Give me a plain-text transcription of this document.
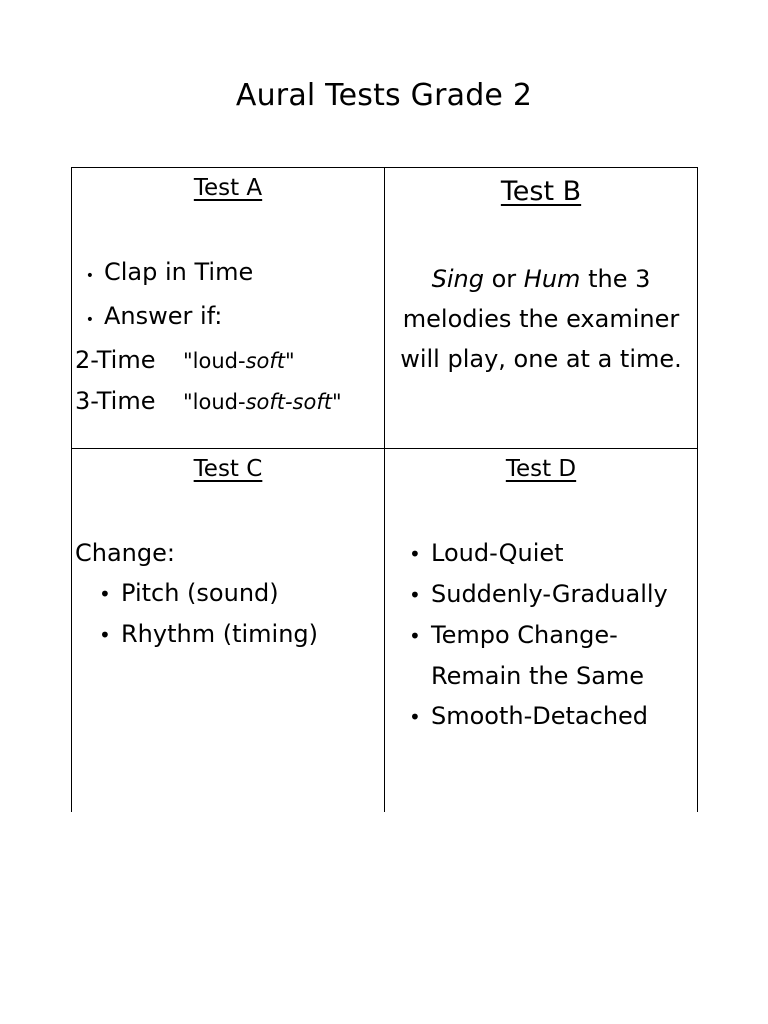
Aural Tests Grade 2
Test A
• Clap in Time
• Answer if:
2-Time	"loud-soft"
3-Time	"loud-soft-soft"
Test B
Sing or Hum the 3
melodies the examiner
will play, one at a time.
Test C
Change:
• Pitch (sound)
• Rhythm (timing)
Test D
• Loud-Quiet
• Suddenly-Gradually
• Tempo Change-
Remain the Same
• Smooth-Detached
